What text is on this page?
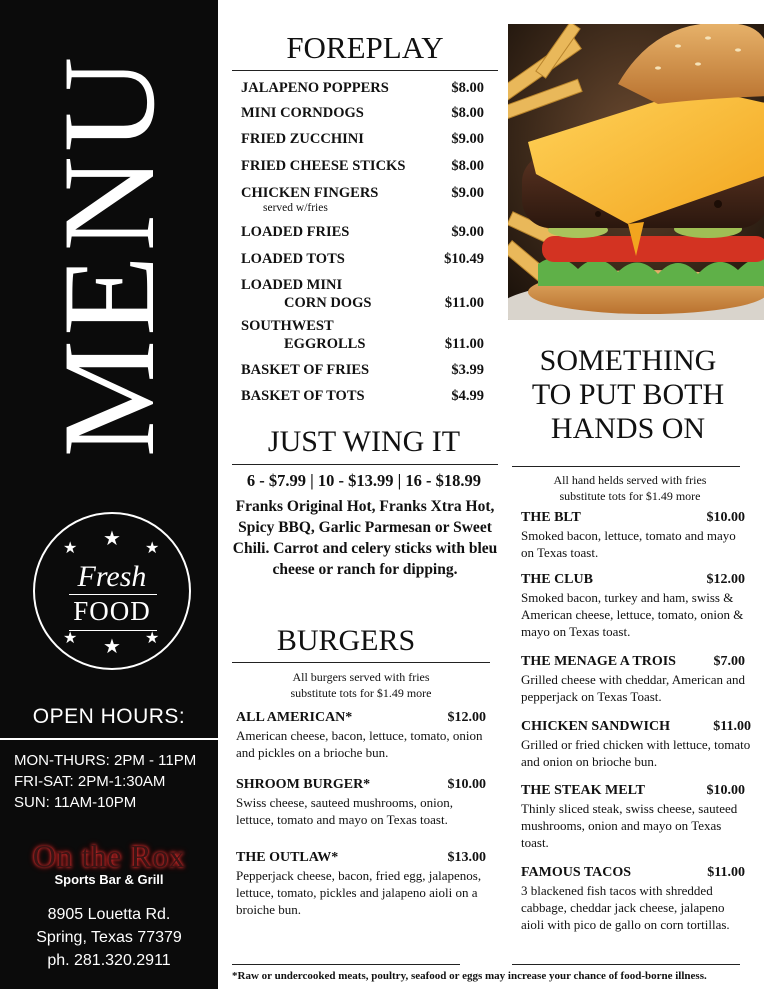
MENU
★ ★ ★
Fresh
FOOD
★ ★ ★
OPEN HOURS:
MON-THURS: 2PM - 11PM
FRI-SAT: 2PM-1:30AM
SUN: 11AM-10PM
On the Rox
Sports Bar & Grill
8905 Louetta Rd.
Spring, Texas 77379
ph. 281.320.2911
FOREPLAY
JALAPENO POPPERS	$8.00
MINI CORNDOGS	$8.00
FRIED ZUCCHINI	$9.00
FRIED CHEESE STICKS	$8.00
CHICKEN FINGERS	$9.00
served w/fries
LOADED FRIES	$9.00
LOADED TOTS	$10.49
LOADED MINI
CORN DOGS	$11.00
SOUTHWEST
EGGROLLS	$11.00
BASKET OF FRIES	$3.99
BASKET OF TOTS	$4.99
JUST WING IT
6 - $7.99 | 10 - $13.99 | 16 - $18.99
Franks Original Hot, Franks Xtra Hot, Spicy BBQ, Garlic Parmesan or Sweet Chili. Carrot and celery sticks with bleu cheese or ranch for dipping.
BURGERS
All burgers served with fries
substitute tots for $1.49 more
ALL AMERICAN*	$12.00
American cheese, bacon, lettuce, tomato, onion and pickles on a brioche bun.
SHROOM BURGER*	$10.00
Swiss cheese, sauteed mushrooms, onion, lettuce, tomato and mayo on Texas toast.
THE OUTLAW*	$13.00
Pepperjack cheese, bacon, fried egg, jalapenos, lettuce, tomato, pickles and jalapeno aioli on a broiche bun.
SOMETHING
TO PUT BOTH
HANDS ON
All hand helds served with fries
substitute tots for $1.49 more
THE BLT	$10.00
Smoked bacon, lettuce, tomato and mayo on Texas toast.
THE CLUB	$12.00
Smoked bacon, turkey and ham, swiss & American cheese, lettuce, tomato, onion & mayo on Texas toast.
THE MENAGE A TROIS	$7.00
Grilled cheese with cheddar, American and pepperjack on Texas Toast.
CHICKEN SANDWICH	$11.00
Grilled or fried chicken with lettuce, tomato and onion on brioche bun.
THE STEAK MELT	$10.00
Thinly sliced steak, swiss cheese, sauteed mushrooms, onion and mayo on Texas toast.
FAMOUS TACOS	$11.00
3 blackened fish tacos with shredded cabbage, cheddar jack cheese, jalapeno aioli with pico de gallo on corn tortillas.
*Raw or undercooked meats, poultry, seafood or eggs may increase your chance of food-borne illness.
